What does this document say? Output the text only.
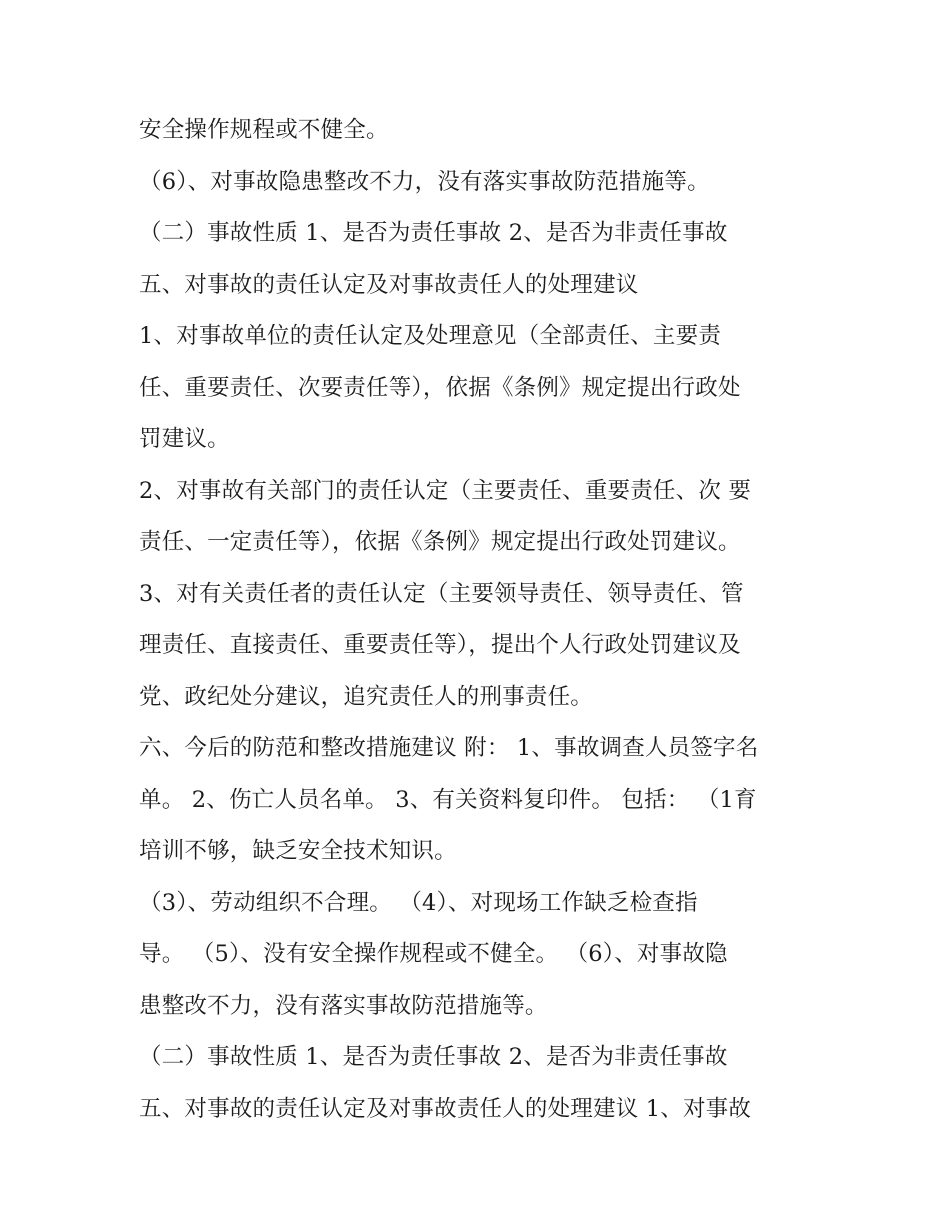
安全操作规程或不健全。
（6）、对事故隐患整改不力，没有落实事故防范措施等。
（二）事故性质 1、是否为责任事故 2、是否为非责任事故
五、对事故的责任认定及对事故责任人的处理建议
1、对事故单位的责任认定及处理意见（全部责任、主要责
任、重要责任、次要责任等），依据《条例》规定提出行政处
罚建议。
2、对事故有关部门的责任认定（主要责任、重要责任、次 要
责任、一定责任等），依据《条例》规定提出行政处罚建议。
3、对有关责任者的责任认定（主要领导责任、领导责任、管
理责任、直接责任、重要责任等），提出个人行政处罚建议及
党、政纪处分建议，追究责任人的刑事责任。
六、今后的防范和整改措施建议 附： 1、事故调查人员签字名
单。 2、伤亡人员名单。 3、有关资料复印件。 包括： （1育
培训不够，缺乏安全技术知识。
（3）、劳动组织不合理。 （4）、对现场工作缺乏检查指
导。 （5）、没有安全操作规程或不健全。 （6）、对事故隐
患整改不力，没有落实事故防范措施等。
（二）事故性质 1、是否为责任事故 2、是否为非责任事故
五、对事故的责任认定及对事故责任人的处理建议 1、对事故
